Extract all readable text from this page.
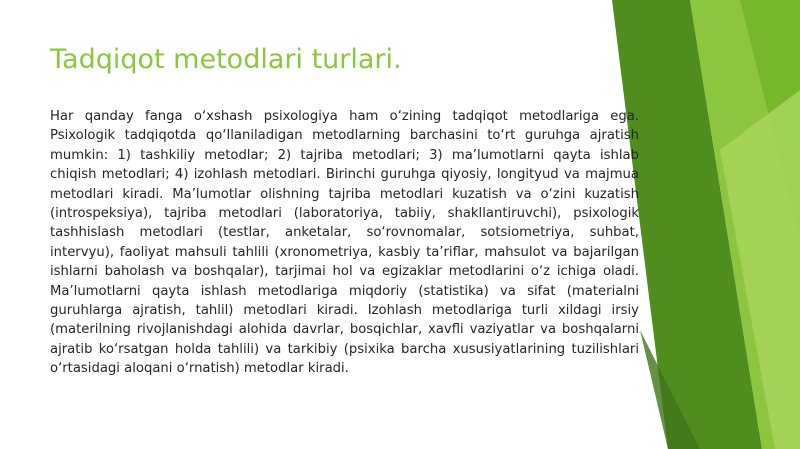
Tadqiqot metodlari turlari.

Har qanday fanga o‘xshash psixologiya ham o‘zining tadqiqot metodlariga ega. Psixologik tadqiqotda qo‘llaniladigan metodlarning barchasini to‘rt guruhga ajratish mumkin: 1) tashkiliy metodlar; 2) tajriba metodlari; 3) ma’lumotlarni qayta ishlab chiqish metodlari; 4) izohlash metodlari. Birinchi guruhga qiyosiy, longityud va majmua metodlari kiradi. Ma’lumotlar olishning tajriba metodlari kuzatish va o‘zini kuzatish (introspeksiya), tajriba metodlari (laboratoriya, tabiiy, shakllantiruvchi), psixologik tashhislash metodlari (testlar, anketalar, so‘rovnomalar, sotsiometriya, suhbat, intervyu), faoliyat mahsuli tahlili (xronometriya, kasbiy ta’riflar, mahsulot va bajarilgan ishlarni baholash va boshqalar), tarjimai hol va egizaklar metodlarini o‘z ichiga oladi. Ma’lumotlarni qayta ishlash metodlariga miqdoriy (statistika) va sifat (materialni guruhlarga ajratish, tahlil) metodlari kiradi. Izohlash metodlariga turli xildagi irsiy (materilning rivojlanishdagi alohida davrlar, bosqichlar, xavfli vaziyatlar va boshqalarni ajratib ko‘rsatgan holda tahlili) va tarkibiy (psixika barcha xususiyatlarining tuzilishlari o‘rtasidagi aloqani o‘rnatish) metodlar kiradi.
